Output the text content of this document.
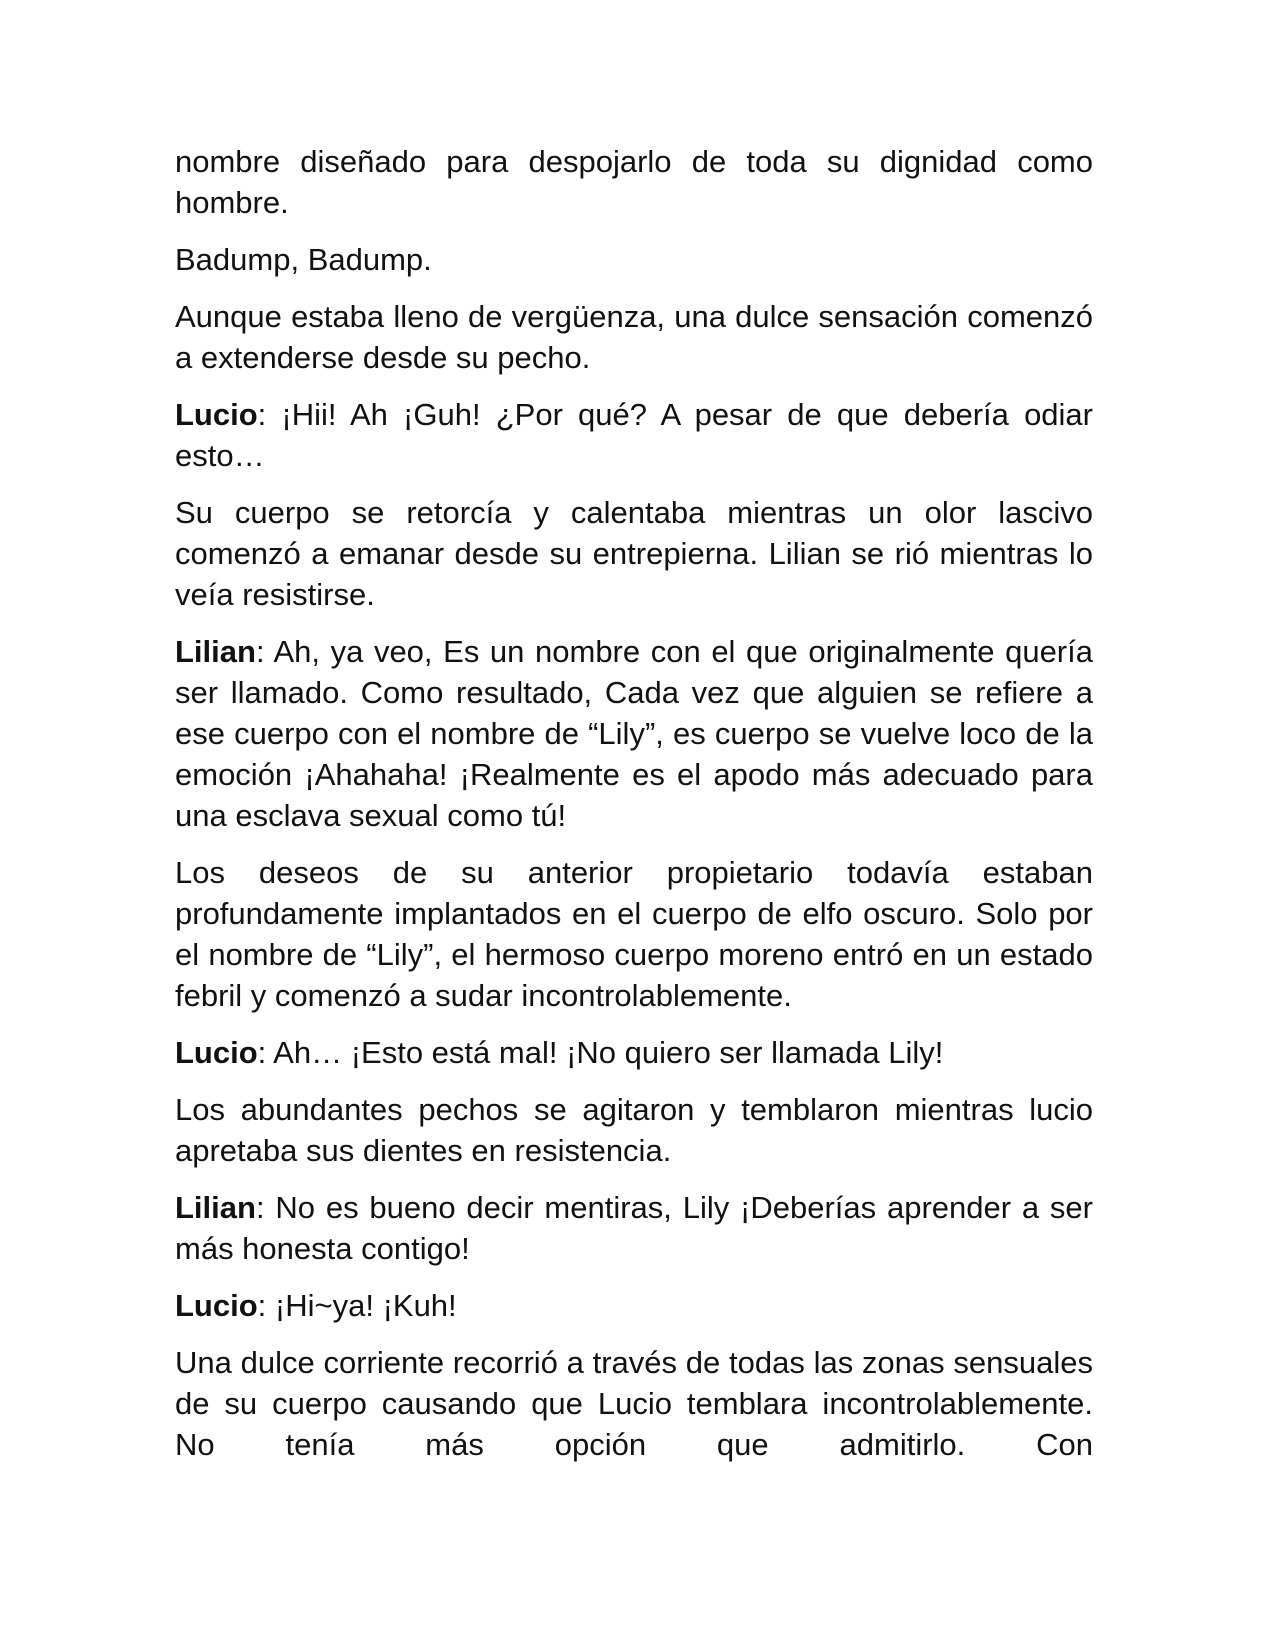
nombre diseñado para despojarlo de toda su dignidad como hombre.

Badump, Badump.

Aunque estaba lleno de vergüenza, una dulce sensación comenzó a extenderse desde su pecho.

Lucio: ¡Hii! Ah ¡Guh! ¿Por qué? A pesar de que debería odiar esto…

Su cuerpo se retorcía y calentaba mientras un olor lascivo comenzó a emanar desde su entrepierna. Lilian se rió mientras lo veía resistirse.

Lilian: Ah, ya veo, Es un nombre con el que originalmente quería ser llamado. Como resultado, Cada vez que alguien se refiere a ese cuerpo con el nombre de “Lily”, es cuerpo se vuelve loco de la emoción ¡Ahahaha! ¡Realmente es el apodo más adecuado para una esclava sexual como tú!

Los deseos de su anterior propietario todavía estaban profundamente implantados en el cuerpo de elfo oscuro. Solo por el nombre de “Lily”, el hermoso cuerpo moreno entró en un estado febril y comenzó a sudar incontrolablemente.

Lucio: Ah… ¡Esto está mal! ¡No quiero ser llamada Lily!

Los abundantes pechos se agitaron y temblaron mientras lucio apretaba sus dientes en resistencia.

Lilian: No es bueno decir mentiras, Lily ¡Deberías aprender a ser más honesta contigo!

Lucio: ¡Hi~ya! ¡Kuh!

Una dulce corriente recorrió a través de todas las zonas sensuales de su cuerpo causando que Lucio temblara incontrolablemente. No tenía más opción que admitirlo. Con
